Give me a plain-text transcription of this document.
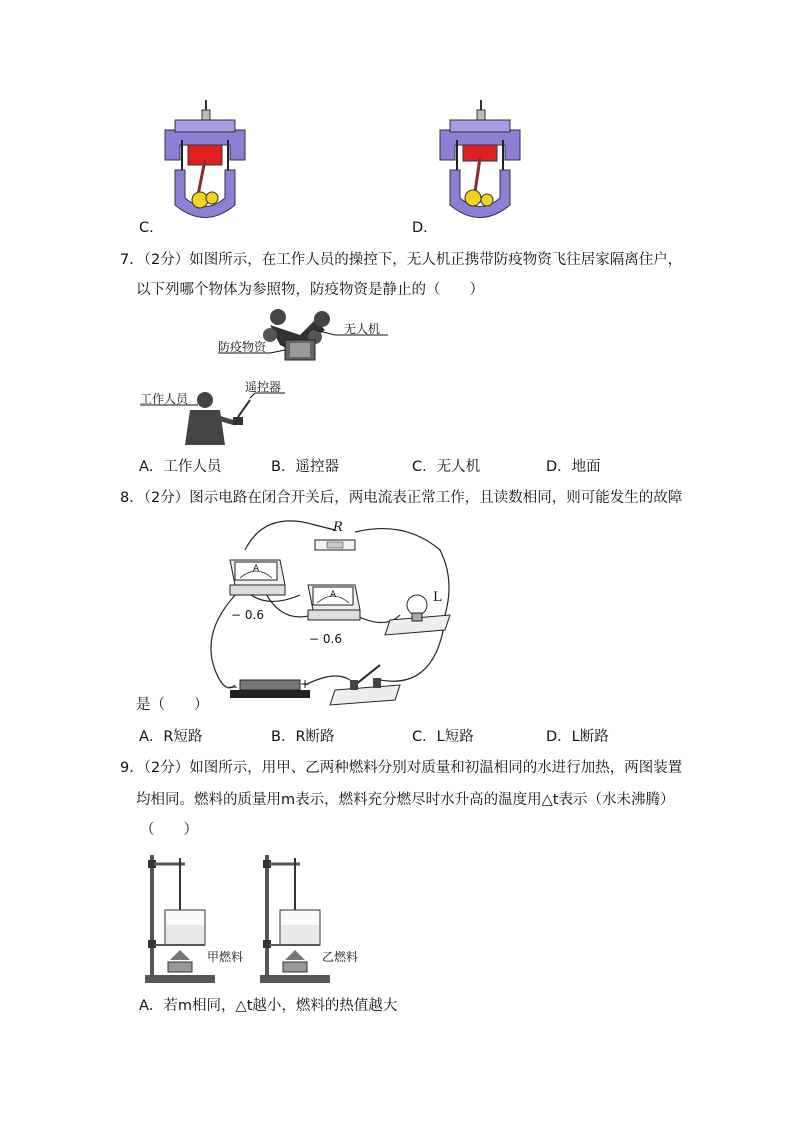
C.	D.
7．（2分）如图所示，在工作人员的操控下，无人机正携带防疫物资飞往居家隔离住户，
以下列哪个物体为参照物，防疫物资是静止的（　　）
无人机
防疫物资
工作人员
遥控器
A．工作人员	B．遥控器	C．无人机	D．地面
8．（2分）图示电路在闭合开关后，两电流表正常工作，且读数相同，则可能发生的故障
R
L
A
A
− 0.6
− 0.6
−	+
是（　　）
A．R短路	B．R断路	C．L短路	D．L断路
9．（2分）如图所示，用甲、乙两种燃料分别对质量和初温相同的水进行加热，两图装置
均相同。燃料的质量用m表示，燃料充分燃尽时水升高的温度用△t表示（水未沸腾）
（　　）
甲燃料	乙燃料
A．若m相同，△t越小，燃料的热值越大
